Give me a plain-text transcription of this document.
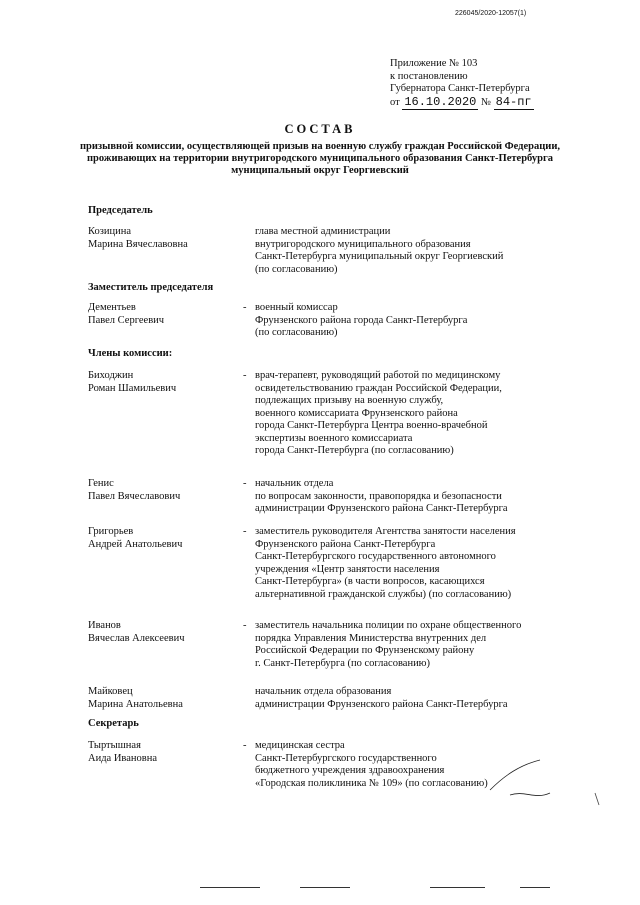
226045/2020-12057(1)
Приложение № 103
к постановлению
Губернатора Санкт-Петербурга
от 16.10.2020 № 84-пг
СОСТАВ
призывной комиссии, осуществляющей призыв на военную службу граждан Российской Федерации, проживающих на территории внутригородского муниципального образования Санкт-Петербурга муниципальный округ Георгиевский
Председатель
Заместитель председателя
Члены комиссии:
Секретарь
Козицина
Марина Вячеславовна
глава местной администрации
внутригородского муниципального образования
Санкт-Петербурга муниципальный округ Георгиевский
(по согласованию)
Дементьев
Павел Сергеевич
- военный комиссар
Фрунзенского района города Санкт-Петербурга
(по согласованию)
Биходжин
Роман Шамильевич
- врач-терапевт, руководящий работой по медицинскому
освидетельствованию граждан Российской Федерации,
подлежащих призыву на военную службу,
военного комиссариата Фрунзенского района
города Санкт-Петербурга Центра военно-врачебной
экспертизы военного комиссариата
города Санкт-Петербурга (по согласованию)
Генис
Павел Вячеславович
- начальник отдела
по вопросам законности, правопорядка и безопасности
администрации Фрунзенского района Санкт-Петербурга
Григорьев
Андрей Анатольевич
- заместитель руководителя Агентства занятости населения
Фрунзенского района Санкт-Петербурга
Санкт-Петербургского государственного автономного
учреждения «Центр занятости населения
Санкт-Петербурга» (в части вопросов, касающихся
альтернативной гражданской службы) (по согласованию)
Иванов
Вячеслав Алексеевич
- заместитель начальника полиции по охране общественного
порядка Управления Министерства внутренних дел
Российской Федерации по Фрунзенскому району
г. Санкт-Петербурга (по согласованию)
Майковец
Марина Анатольевна
начальник отдела образования
администрации Фрунзенского района Санкт-Петербурга
Тыртышная
Аида Ивановна
- медицинская сестра
Санкт-Петербургского государственного
бюджетного учреждения здравоохранения
«Городская поликлиника № 109» (по согласованию)
